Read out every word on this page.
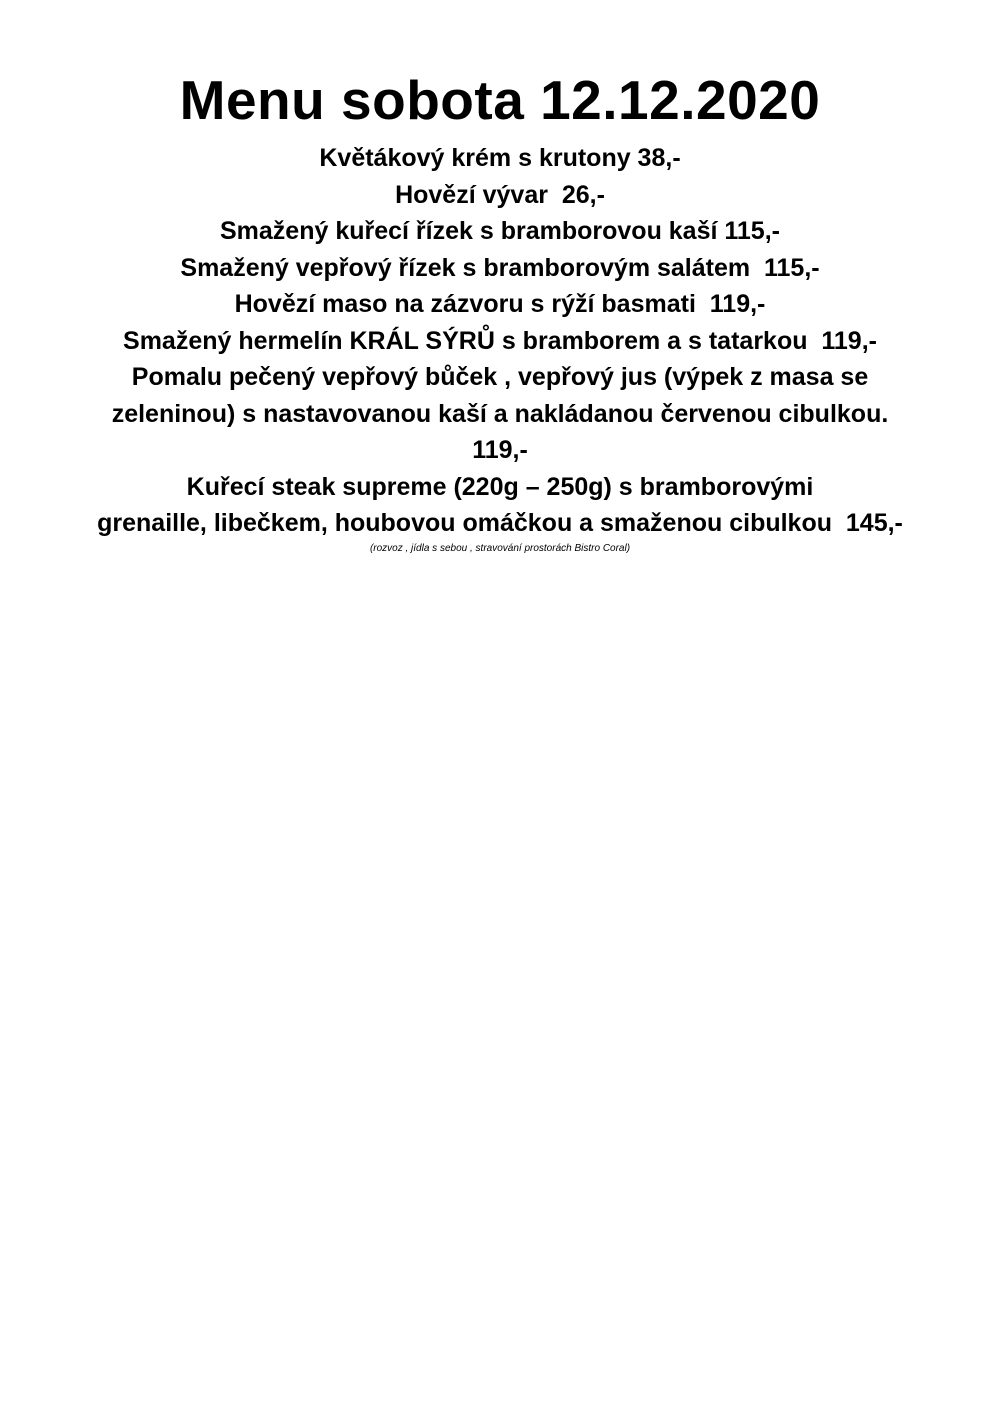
Menu sobota 12.12.2020
Květákový krém s krutony 38,-
Hovězí vývar  26,-
Smažený kuřecí řízek s bramborovou kaší 115,-
Smažený vepřový řízek s bramborovým salátem  115,-
Hovězí maso na zázvoru s rýží basmati  119,-
Smažený hermelín KRÁL SÝRŮ s bramborem a s tatarkou  119,-
Pomalu pečený vepřový bůček , vepřový jus (výpek z masa se
zeleninou) s nastavovanou kaší a nakládanou červenou cibulkou.
119,-
Kuřecí steak supreme (220g – 250g) s bramborovými
grenaille, libečkem, houbovou omáčkou a smaženou cibulkou  145,-
(rozvoz , jídla s sebou , stravování prostorách Bistro Coral)
